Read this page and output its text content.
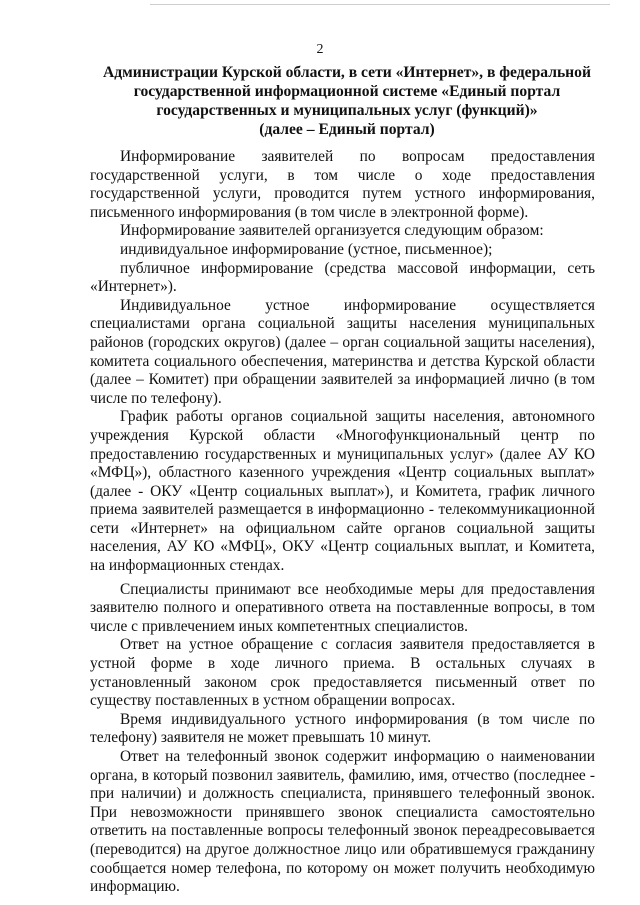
2
Администрации Курской области, в сети «Интернет», в федеральной
государственной информационной системе «Единый портал
государственных и муниципальных услуг (функций)»
(далее – Единый портал)

Информирование заявителей по вопросам предоставления государственной услуги, в том числе о ходе предоставления государственной услуги, проводится путем устного информирования, письменного информирования (в том числе в электронной форме).

Информирование заявителей организуется следующим образом:

индивидуальное информирование (устное, письменное);

публичное информирование (средства массовой информации, сеть «Интернет»).

Индивидуальное устное информирование осуществляется специалистами органа социальной защиты населения муниципальных районов (городских округов) (далее – орган социальной защиты населения), комитета социального обеспечения, материнства и детства Курской области (далее – Комитет) при обращении заявителей за информацией лично (в том числе по телефону).

График работы органов социальной защиты населения, автономного учреждения Курской области «Многофункциональный центр по предоставлению государственных и муниципальных услуг» (далее АУ КО «МФЦ»), областного казенного учреждения «Центр социальных выплат» (далее - ОКУ «Центр социальных выплат»), и Комитета, график личного приема заявителей размещается в информационно - телекоммуникационной сети «Интернет» на официальном сайте органов социальной защиты населения, АУ КО «МФЦ», ОКУ «Центр социальных выплат, и Комитета, на информационных стендах.

Специалисты принимают все необходимые меры для предоставления заявителю полного и оперативного ответа на поставленные вопросы, в том числе с привлечением иных компетентных специалистов.

Ответ на устное обращение с согласия заявителя предоставляется в устной форме в ходе личного приема. В остальных случаях в установленный законом срок предоставляется письменный ответ по существу поставленных в устном обращении вопросах.

Время индивидуального устного информирования (в том числе по телефону) заявителя не может превышать 10 минут.

Ответ на телефонный звонок содержит информацию о наименовании органа, в который позвонил заявитель, фамилию, имя, отчество (последнее - при наличии) и должность специалиста, принявшего телефонный звонок. При невозможности принявшего звонок специалиста самостоятельно ответить на поставленные вопросы телефонный звонок переадресовывается (переводится) на другое должностное лицо или обратившемуся гражданину сообщается номер телефона, по которому он может получить необходимую информацию.
